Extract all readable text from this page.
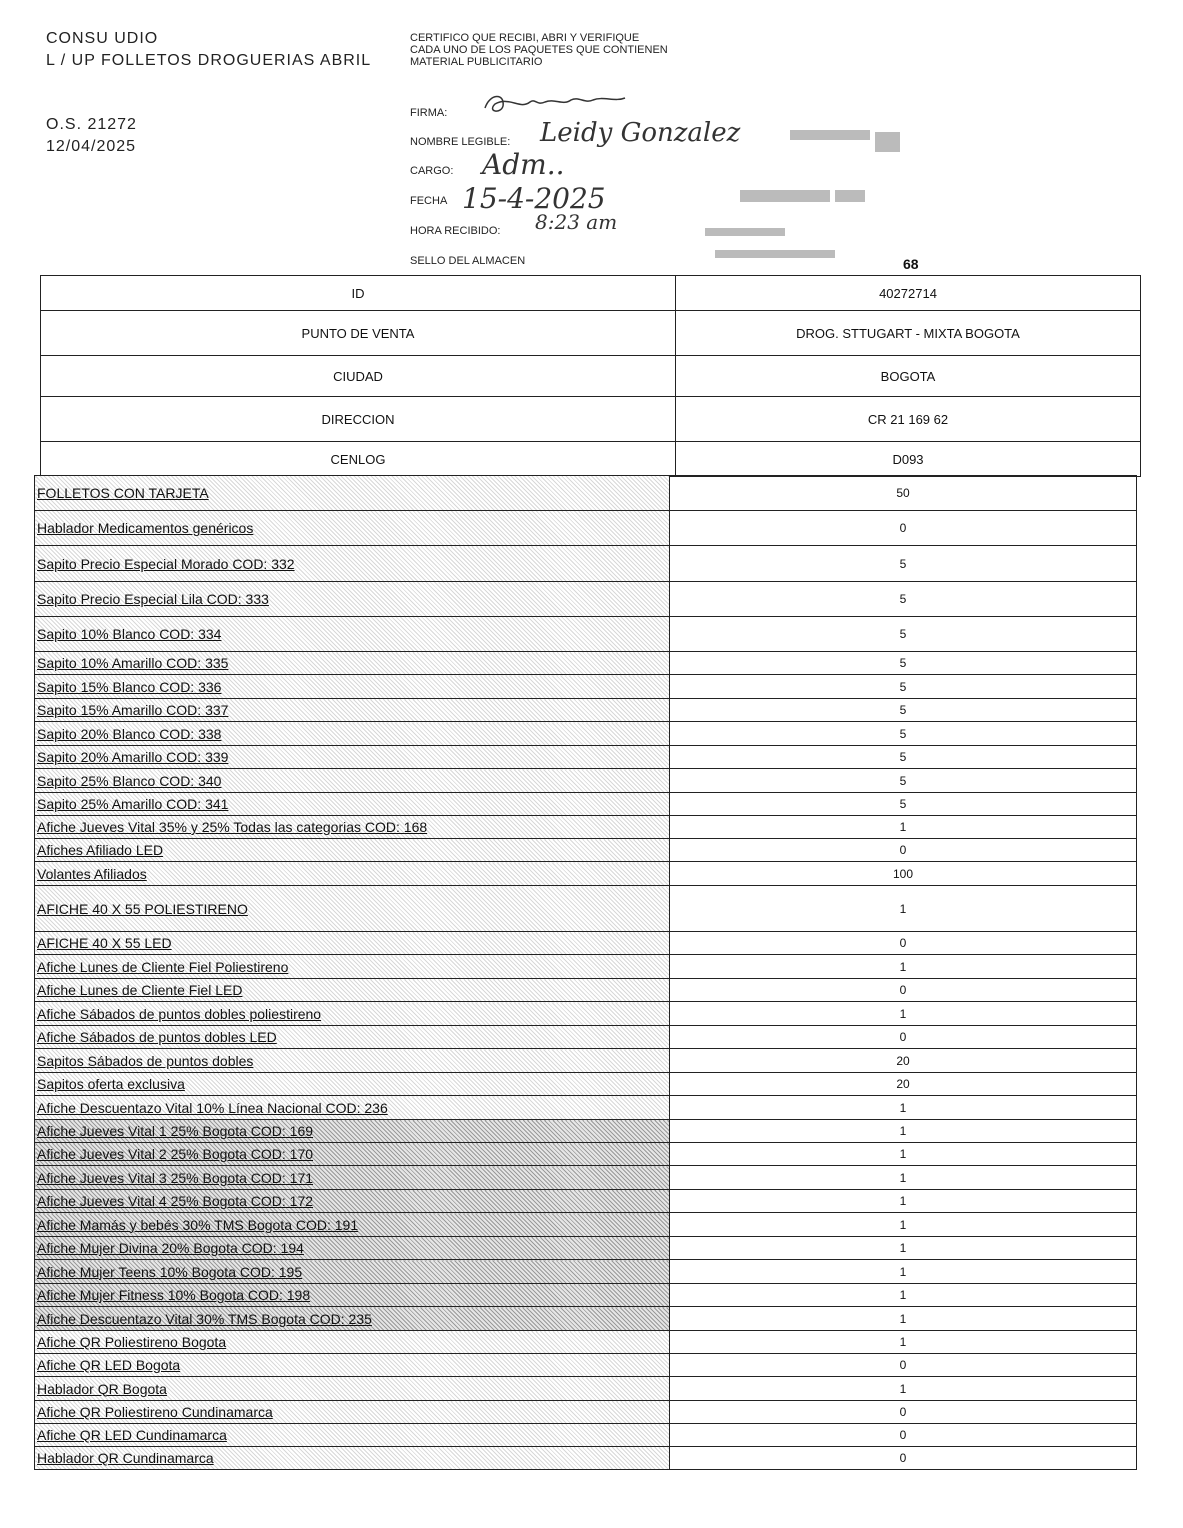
CONSU UDIO
L / UP FOLLETOS DROGUERIAS ABRIL
O.S. 21272
12/04/2025
CERTIFICO QUE RECIBI, ABRI Y VERIFIQUE CADA UNO DE LOS PAQUETES QUE CONTIENEN MATERIAL PUBLICITARIO
FIRMA:
NOMBRE LEGIBLE: Leidy Gonzalez
CARGO: Adm..
FECHA 15-4-2025
HORA RECIBIDO: 8:23 am
SELLO DEL ALMACEN	68
ID	40272714
PUNTO DE VENTA	DROG. STTUGART - MIXTA BOGOTA
CIUDAD	BOGOTA
DIRECCION	CR 21 169 62
CENLOG	D093
FOLLETOS CON TARJETA	50
Hablador Medicamentos genéricos	0
Sapito Precio Especial Morado COD: 332	5
Sapito Precio Especial Lila COD: 333	5
Sapito 10% Blanco COD: 334	5
Sapito 10% Amarillo COD: 335	5
Sapito 15% Blanco COD: 336	5
Sapito 15% Amarillo COD: 337	5
Sapito 20% Blanco COD: 338	5
Sapito 20% Amarillo COD: 339	5
Sapito 25% Blanco COD: 340	5
Sapito 25% Amarillo COD: 341	5
Afiche Jueves Vital 35% y 25% Todas las categorias COD: 168	1
Afiches Afiliado LED	0
Volantes Afiliados	100
AFICHE 40 X 55 POLIESTIRENO	1
AFICHE 40 X 55 LED	0
Afiche Lunes de Cliente Fiel Poliestireno	1
Afiche Lunes de Cliente Fiel LED	0
Afiche Sábados de puntos dobles poliestireno	1
Afiche Sábados de puntos dobles LED	0
Sapitos Sábados de puntos dobles	20
Sapitos oferta exclusiva	20
Afiche Descuentazo Vital 10% Línea Nacional COD: 236	1
Afiche Jueves Vital 1 25% Bogota COD: 169	1
Afiche Jueves Vital 2 25% Bogota COD: 170	1
Afiche Jueves Vital 3 25% Bogota COD: 171	1
Afiche Jueves Vital 4 25% Bogota COD: 172	1
Afiche Mamás y bebés 30% TMS Bogota COD: 191	1
Afiche Mujer Divina 20% Bogota COD: 194	1
Afiche Mujer Teens 10% Bogota COD: 195	1
Afiche Mujer Fitness 10% Bogota COD: 198	1
Afiche Descuentazo Vital 30% TMS Bogota COD: 235	1
Afiche QR Poliestireno Bogota	1
Afiche QR LED Bogota	0
Hablador QR Bogota	1
Afiche QR Poliestireno Cundinamarca	0
Afiche QR LED Cundinamarca	0
Hablador QR Cundinamarca	0
